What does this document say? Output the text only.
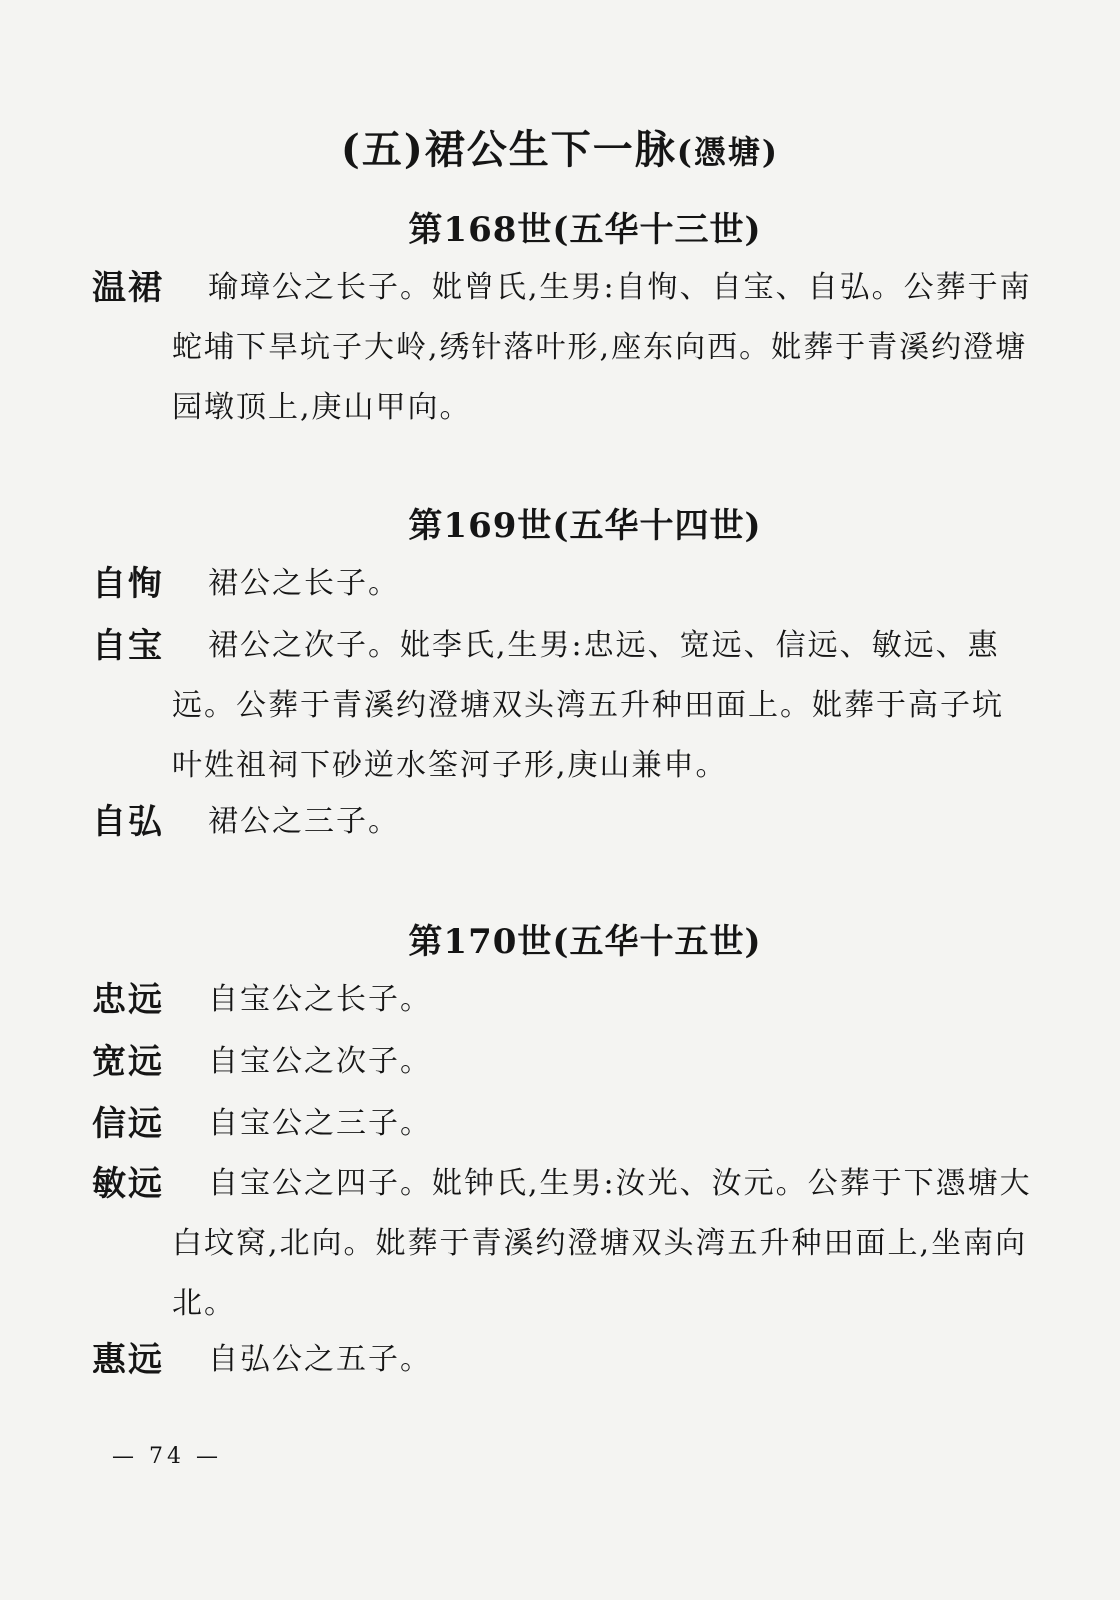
(五)裙公生下一脉(憑塘)
第168世(五华十三世)
温裙	瑜璋公之长子。妣曾氏,生男:自恂、自宝、自弘。公葬于南蛇埔下旱坑子大岭,绣针落叶形,座东向西。妣葬于青溪约澄塘园墩顶上,庚山甲向。

第169世(五华十四世)
自恂	裙公之长子。

自宝	裙公之次子。妣李氏,生男:忠远、宽远、信远、敏远、惠远。公葬于青溪约澄塘双头湾五升种田面上。妣葬于高子坑叶姓祖祠下砂逆水筌河子形,庚山兼申。

自弘	裙公之三子。

第170世(五华十五世)
忠远	自宝公之长子。

宽远	自宝公之次子。

信远	自宝公之三子。

敏远	自宝公之四子。妣钟氏,生男:汝光、汝元。公葬于下憑塘大白坟窝,北向。妣葬于青溪约澄塘双头湾五升种田面上,坐南向北。

惠远	自弘公之五子。

— 74 —
